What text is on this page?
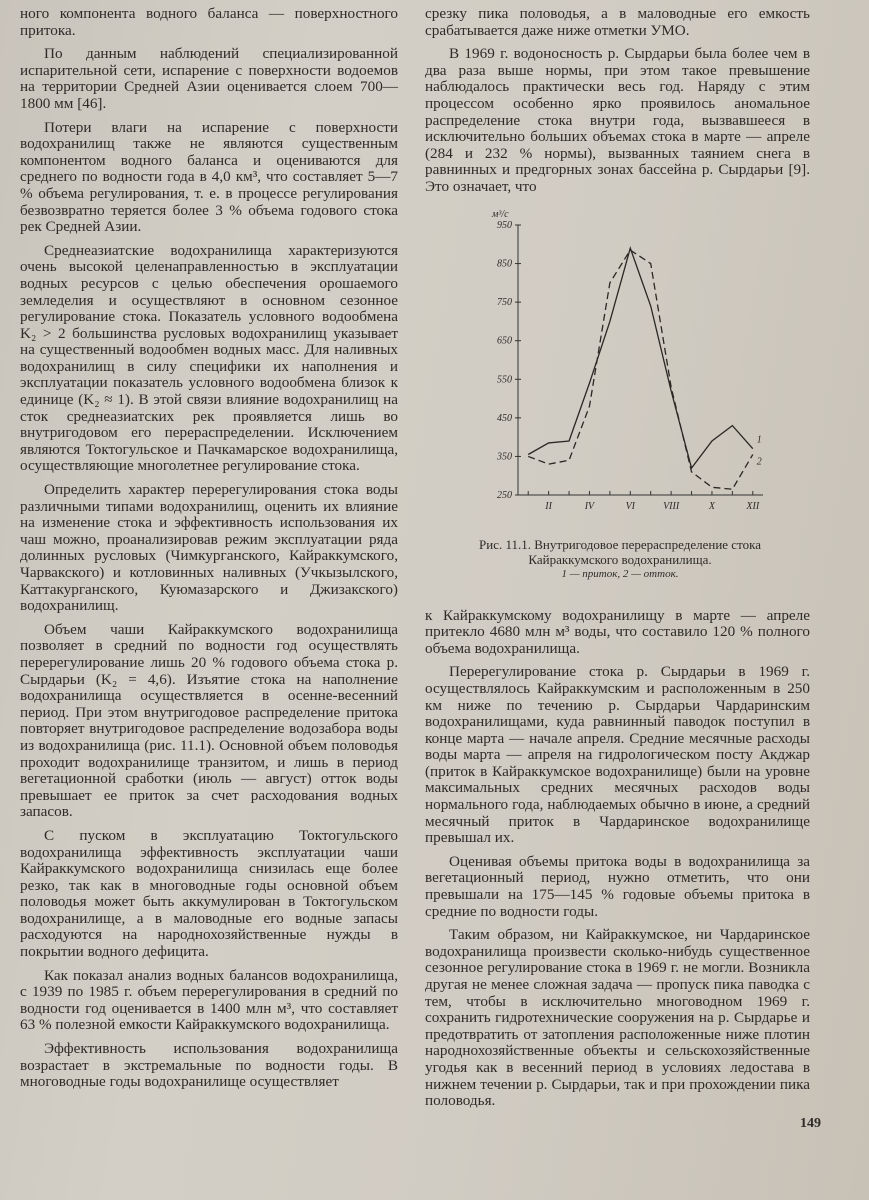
ного компонента водного баланса — поверхностного притока.

По данным наблюдений специализированной испарительной сети, испарение с поверхности водоемов на территории Средней Азии оценивается слоем 700—1800 мм [46].

Потери влаги на испарение с поверхности водохранилищ также не являются существенным компонентом водного баланса и оцениваются для среднего по водности года в 4,0 км³, что составляет 5—7 % объема регулирования, т. е. в процессе регулирования безвозвратно теряется более 3 % объема годового стока рек Средней Азии.

Среднеазиатские водохранилища характеризуются очень высокой целенаправленностью в эксплуатации водных ресурсов с целью обеспечения орошаемого земледелия и осуществляют в основном сезонное регулирование стока. Показатель условного водообмена K₂ > 2 большинства русловых водохранилищ указывает на существенный водообмен водных масс. Для наливных водохранилищ в силу специфики их наполнения и эксплуатации показатель условного водообмена близок к единице (K₂ ≈ 1). В этой связи влияние водохранилищ на сток среднеазиатских рек проявляется лишь во внутригодовом его перераспределении. Исключением являются Токтогульское и Пачкамарское водохранилища, осуществляющие многолетнее регулирование стока.

Определить характер перерегулирования стока воды различными типами водохранилищ, оценить их влияние на изменение стока и эффективность использования их чаш можно, проанализировав режим эксплуатации ряда долинных русловых (Чимкурганского, Кайраккумского, Чарвакского) и котловинных наливных (Учкызылского, Каттакурганского, Куюмазарского и Джизакского) водохранилищ.

Объем чаши Кайраккумского водохранилища позволяет в средний по водности год осуществлять перерегулирование лишь 20 % годового объема стока р. Сырдарьи (K₂ = 4,6). Изъятие стока на наполнение водохранилища осуществляется в осенне-весенний период. При этом внутригодовое распределение притока повторяет внутригодовое распределение водозабора воды из водохранилища (рис. 11.1). Основной объем половодья проходит водохранилище транзитом, и лишь в период вегетационной сработки (июль — август) отток воды превышает ее приток за счет расходования водных запасов.

С пуском в эксплуатацию Токтогульского водохранилища эффективность эксплуатации чаши Кайраккумского водохранилища снизилась еще более резко, так как в многоводные годы основной объем половодья может быть аккумулирован в Токтогульском водохранилище, а в маловодные его водные запасы расходуются на народнохозяйственные нужды в покрытии водного дефицита.

Как показал анализ водных балансов водохранилища, с 1939 по 1985 г. объем перерегулирования в средний по водности год оценивается в 1400 млн м³, что составляет 63 % полезной емкости Кайраккумского водохранилища.

Эффективность использования водохранилища возрастает в экстремальные по водности годы. В многоводные годы водохранилище осуществляет

срезку пика половодья, а в маловодные его емкость срабатывается даже ниже отметки УМО.

В 1969 г. водоносность р. Сырдарьи была более чем в два раза выше нормы, при этом такое превышение наблюдалось практически весь год. Наряду с этим процессом особенно ярко проявилось аномальное распределение стока внутри года, вызвавшееся в исключительно больших объемах стока в марте — апреле (284 и 232 % нормы), вызванных таянием снега в равнинных и предгорных зонах бассейна р. Сырдарьи [9]. Это означает, что

м³/с
950
850
750
650
550
450
350
250
II	IV	VI	VIII	X	XII
1
2
Рис. 11.1. Внутригодовое перераспределение стока Кайраккумского водохранилища.
1 — приток, 2 — отток.

к Кайраккумскому водохранилищу в марте — апреле притекло 4680 млн м³ воды, что составило 120 % полного объема водохранилища.

Перерегулирование стока р. Сырдарьи в 1969 г. осуществлялось Кайраккумским и расположенным в 250 км ниже по течению р. Сырдарьи Чардаринским водохранилищами, куда равнинный паводок поступил в конце марта — начале апреля. Средние месячные расходы воды марта — апреля на гидрологическом посту Акджар (приток в Кайраккумское водохранилище) были на уровне максимальных средних месячных расходов воды нормального года, наблюдаемых обычно в июне, а средний месячный приток в Чардаринское водохранилище превышал их.

Оценивая объемы притока воды в водохранилища за вегетационный период, нужно отметить, что они превышали на 175—145 % годовые объемы притока в средние по водности годы.

Таким образом, ни Кайраккумское, ни Чардаринское водохранилища произвести сколько-нибудь существенное сезонное регулирование стока в 1969 г. не могли. Возникла другая не менее сложная задача — пропуск пика паводка с тем, чтобы в исключительно многоводном 1969 г. сохранить гидротехнические сооружения на р. Сырдарье и предотвратить от затопления расположенные ниже плотин народнохозяйственные объекты и сельскохозяйственные угодья как в весенний период в условиях ледостава в нижнем течении р. Сырдарьи, так и при прохождении пика половодья.

149
